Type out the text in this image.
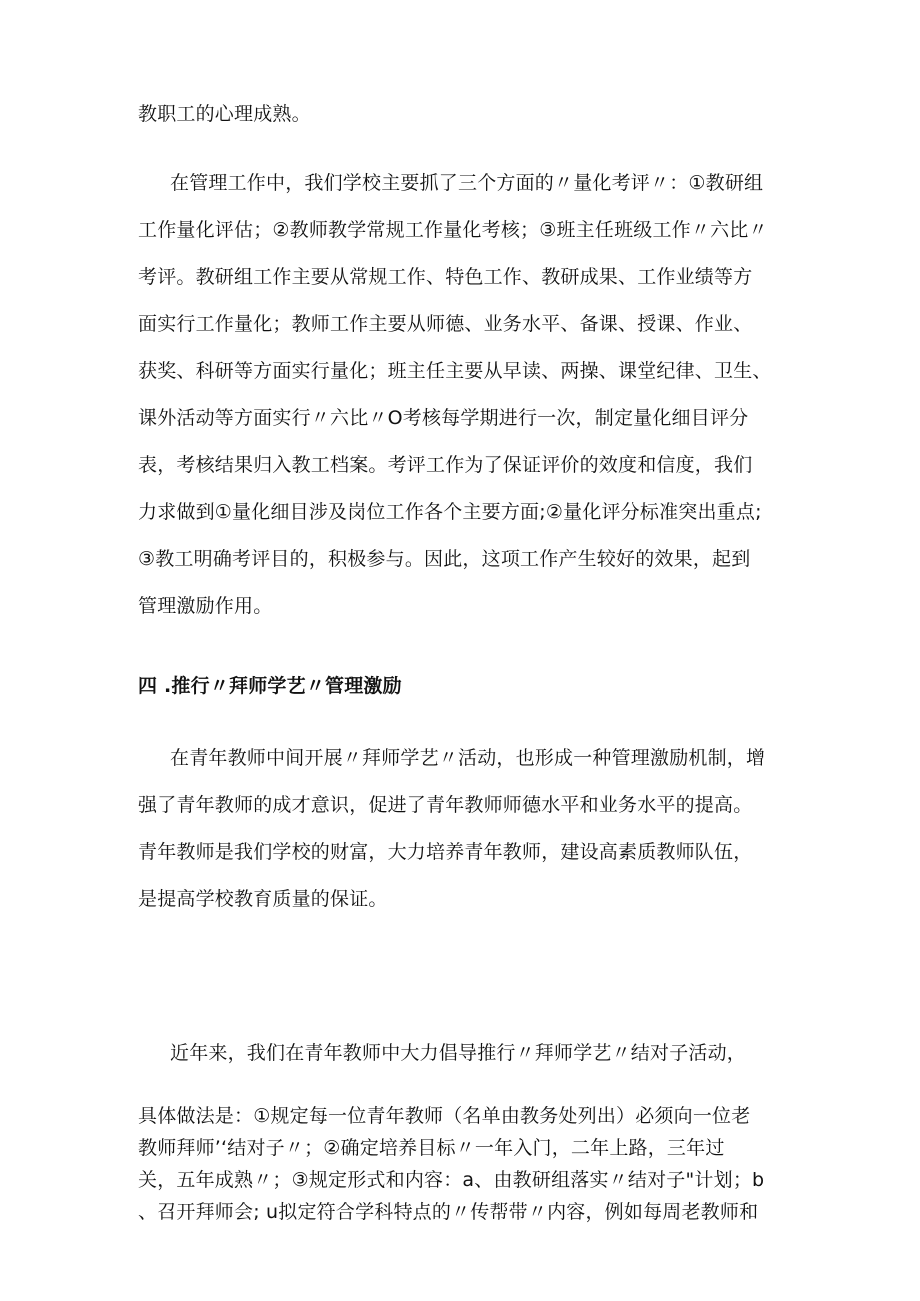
教职工的心理成熟。
在管理工作中，我们学校主要抓了三个方面的〃量化考评〃：①教研组
工作量化评估；②教师教学常规工作量化考核；③班主任班级工作〃六比〃
考评。教研组工作主要从常规工作、特色工作、教研成果、工作业绩等方
面实行工作量化；教师工作主要从师德、业务水平、备课、授课、作业、
获奖、科研等方面实行量化；班主任主要从早读、两操、课堂纪律、卫生、
课外活动等方面实行〃六比〃O考核每学期进行一次，制定量化细目评分
表，考核结果归入教工档案。考评工作为了保证评价的效度和信度，我们
力求做到①量化细目涉及岗位工作各个主要方面;②量化评分标准突出重点;
③教工明确考评目的，积极参与。因此，这项工作产生较好的效果，起到
管理激励作用。
四 .推行〃拜师学艺〃管理激励
在青年教师中间开展〃拜师学艺〃活动，也形成一种管理激励机制，增
强了青年教师的成才意识，促进了青年教师师德水平和业务水平的提高。
青年教师是我们学校的财富，大力培养青年教师，建设高素质教师队伍，
是提高学校教育质量的保证。
近年来，我们在青年教师中大力倡导推行〃拜师学艺〃结对子活动，
具体做法是：①规定每一位青年教师（名单由教务处列出）必须向一位老
教师拜师’‘结对子〃；②确定培养目标〃一年入门，二年上路，三年过
关，五年成熟〃；③规定形式和内容：a、由教研组落实〃结对子"计划；b
、召开拜师会; u拟定符合学科特点的〃传帮带〃内容，例如每周老教师和
